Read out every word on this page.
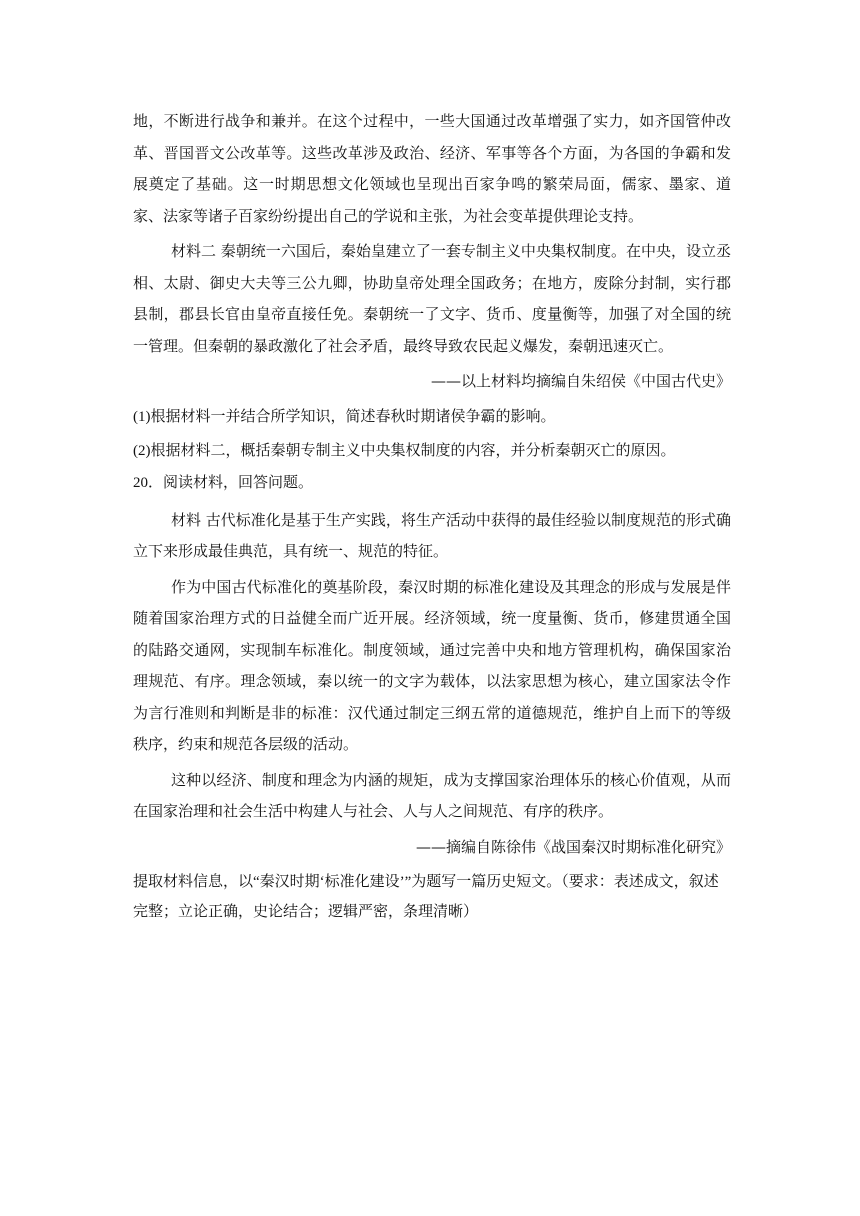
地，不断进行战争和兼并。在这个过程中，一些大国通过改革增强了实力，如齐国管仲改革、晋国晋文公改革等。这些改革涉及政治、经济、军事等各个方面，为各国的争霸和发展奠定了基础。这一时期思想文化领域也呈现出百家争鸣的繁荣局面，儒家、墨家、道家、法家等诸子百家纷纷提出自己的学说和主张，为社会变革提供理论支持。

材料二 秦朝统一六国后，秦始皇建立了一套专制主义中央集权制度。在中央，设立丞相、太尉、御史大夫等三公九卿，协助皇帝处理全国政务；在地方，废除分封制，实行郡县制，郡县长官由皇帝直接任免。秦朝统一了文字、货币、度量衡等，加强了对全国的统一管理。但秦朝的暴政激化了社会矛盾，最终导致农民起义爆发，秦朝迅速灭亡。

——以上材料均摘编自朱绍侯《中国古代史》

(1)根据材料一并结合所学知识，简述春秋时期诸侯争霸的影响。

(2)根据材料二，概括秦朝专制主义中央集权制度的内容，并分析秦朝灭亡的原因。

20．阅读材料，回答问题。

材料 古代标准化是基于生产实践，将生产活动中获得的最佳经验以制度规范的形式确立下来形成最佳典范，具有统一、规范的特征。

作为中国古代标准化的奠基阶段，秦汉时期的标准化建设及其理念的形成与发展是伴随着国家治理方式的日益健全而广近开展。经济领域，统一度量衡、货币，修建贯通全国的陆路交通网，实现制车标准化。制度领域，通过完善中央和地方管理机构，确保国家治理规范、有序。理念领域，秦以统一的文字为载体，以法家思想为核心，建立国家法令作为言行准则和判断是非的标准：汉代通过制定三纲五常的道德规范，维护自上而下的等级秩序，约束和规范各层级的活动。

这种以经济、制度和理念为内涵的规矩，成为支撑国家治理体乐的核心价值观，从而在国家治理和社会生活中构建人与社会、人与人之间规范、有序的秩序。

——摘编自陈徐伟《战国秦汉时期标准化研究》

提取材料信息，以“秦汉时期‘标准化建设’”为题写一篇历史短文。（要求：表述成文，叙述完整；立论正确，史论结合；逻辑严密，条理清晰）
